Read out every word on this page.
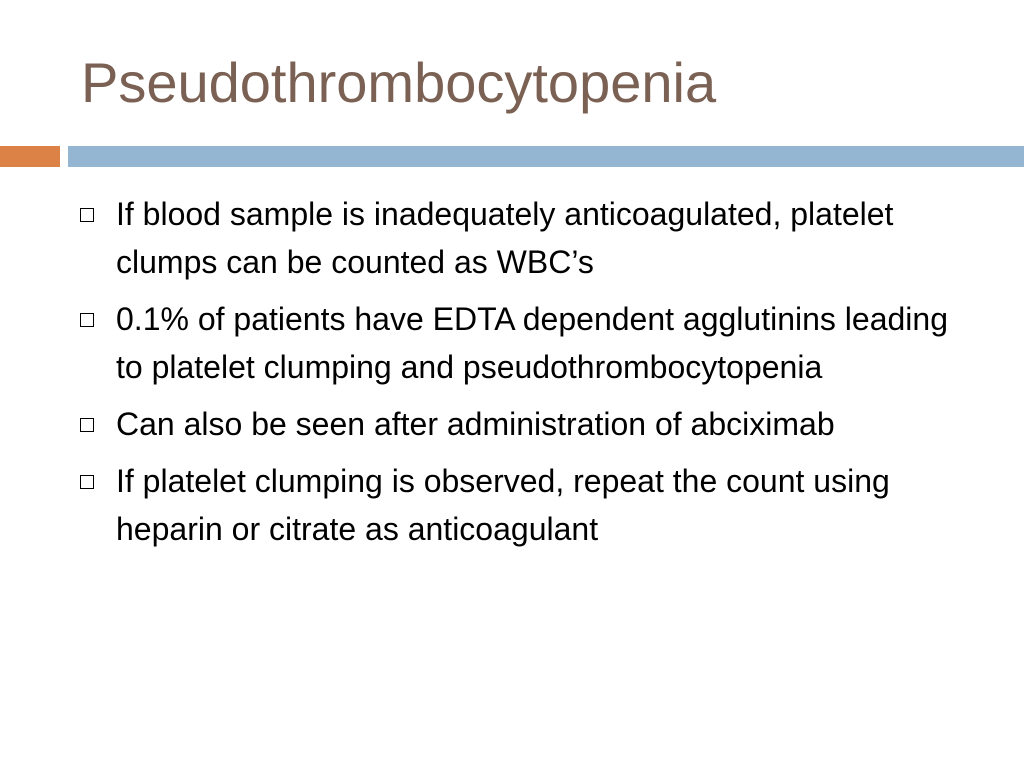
Pseudothrombocytopenia
If blood sample is inadequately anticoagulated, platelet clumps can be counted as WBC’s
0.1% of patients have EDTA dependent agglutinins leading to platelet clumping and pseudothrombocytopenia
Can also be seen after administration of abciximab
If platelet clumping is observed, repeat the count using heparin or citrate as anticoagulant
